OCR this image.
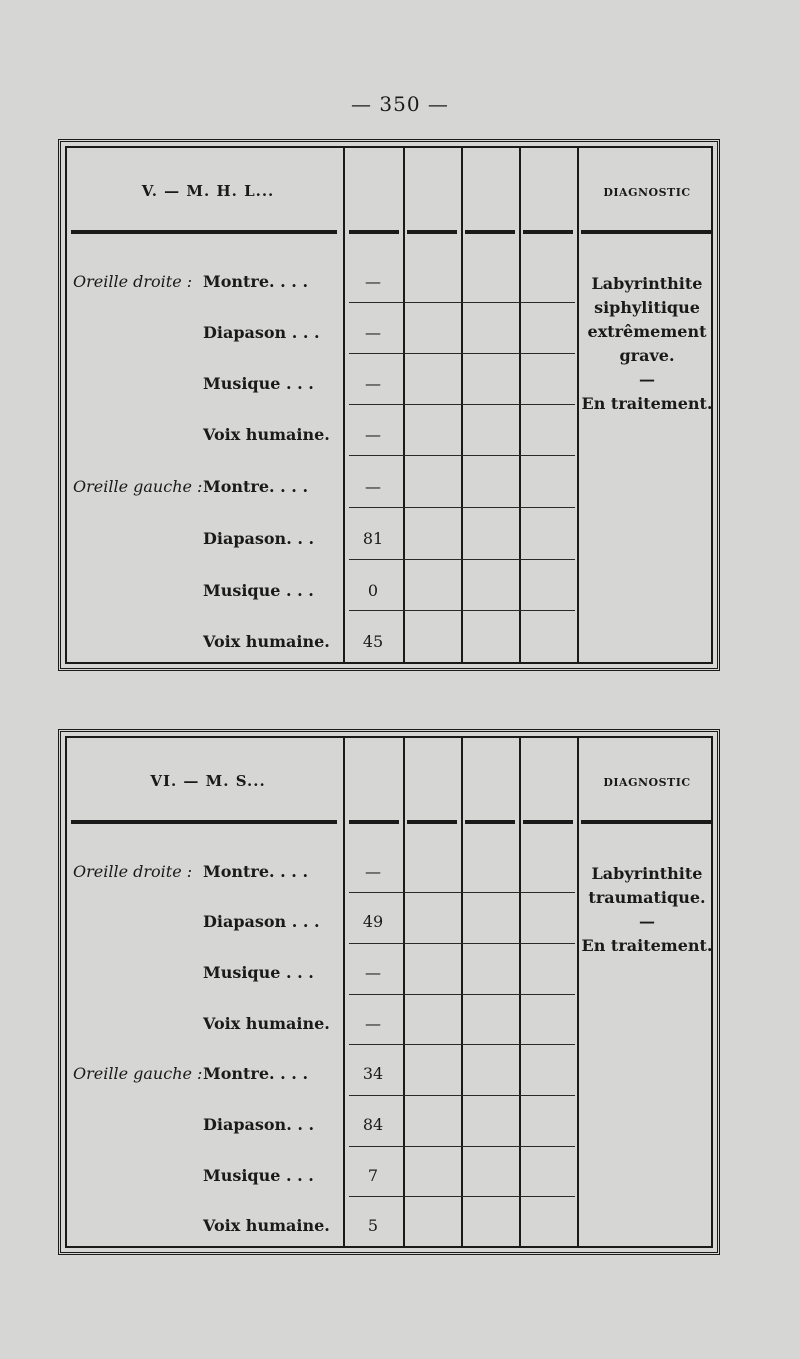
— 350 —
V. — M. H. L...	DIAGNOSTIC
Oreille droite : Montre. . . .	—
Diapason . . .	—
Musique . . .	—
Voix humaine.	—
Oreille gauche : Montre. . . .	—
Diapason. . .	81
Musique . . .	0
Voix humaine.	45
Labyrinthite
siphylitique
extrêmement
grave.
—
En traitement.
VI. — M. S...	DIAGNOSTIC
Oreille droite : Montre. . . .	—
Diapason . . .	49
Musique . . .	—
Voix humaine.	—
Oreille gauche : Montre. . . .	34
Diapason. . .	84
Musique . . .	7
Voix humaine.	5
Labyrinthite
traumatique.
—
En traitement.
